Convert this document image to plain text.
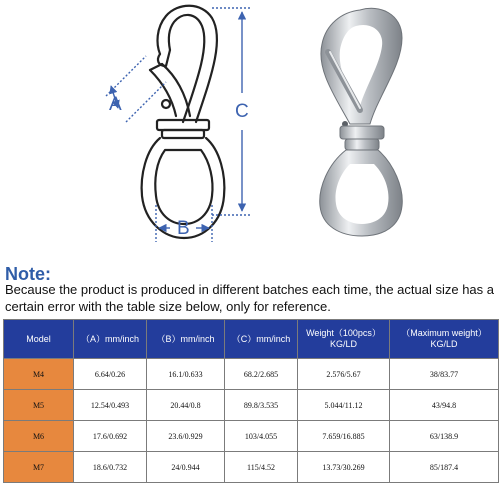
A	C
B
Note:
Because the product is produced in different batches each time, the actual size has a certain error with the table size below, only for reference.
Model	（A）mm/inch	（B）mm/inch	（C）mm/inch	Weight（100pcs）KG/LD	（Maximum weight）KG/LD
M4	6.64/0.26	16.1/0.633	68.2/2.685	2.576/5.67	38/83.77
M5	12.54/0.493	20.44/0.8	89.8/3.535	5.044/11.12	43/94.8
M6	17.6/0.692	23.6/0.929	103/4.055	7.659/16.885	63/138.9
M7	18.6/0.732	24/0.944	115/4.52	13.73/30.269	85/187.4
